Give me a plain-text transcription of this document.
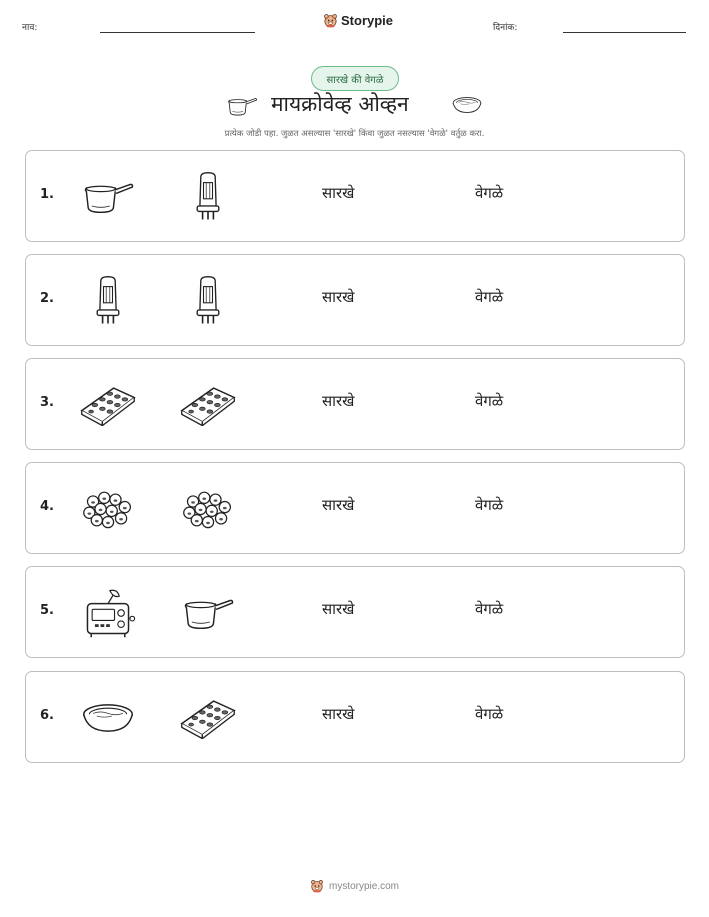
नाव:	Storypie	दिनांक:
सारखे की वेगळे
मायक्रोवेव्ह ओव्हन
प्रत्येक जोडी पहा. जुळत असल्यास 'सारखे' किंवा जुळत नसल्यास 'वेगळे' वर्तुळ करा.
1.	सारखे	वेगळे
2.	सारखे	वेगळे
3.	सारखे	वेगळे
4.	सारखे	वेगळे
5.	सारखे	वेगळे
6.	सारखे	वेगळे
mystorypie.com
